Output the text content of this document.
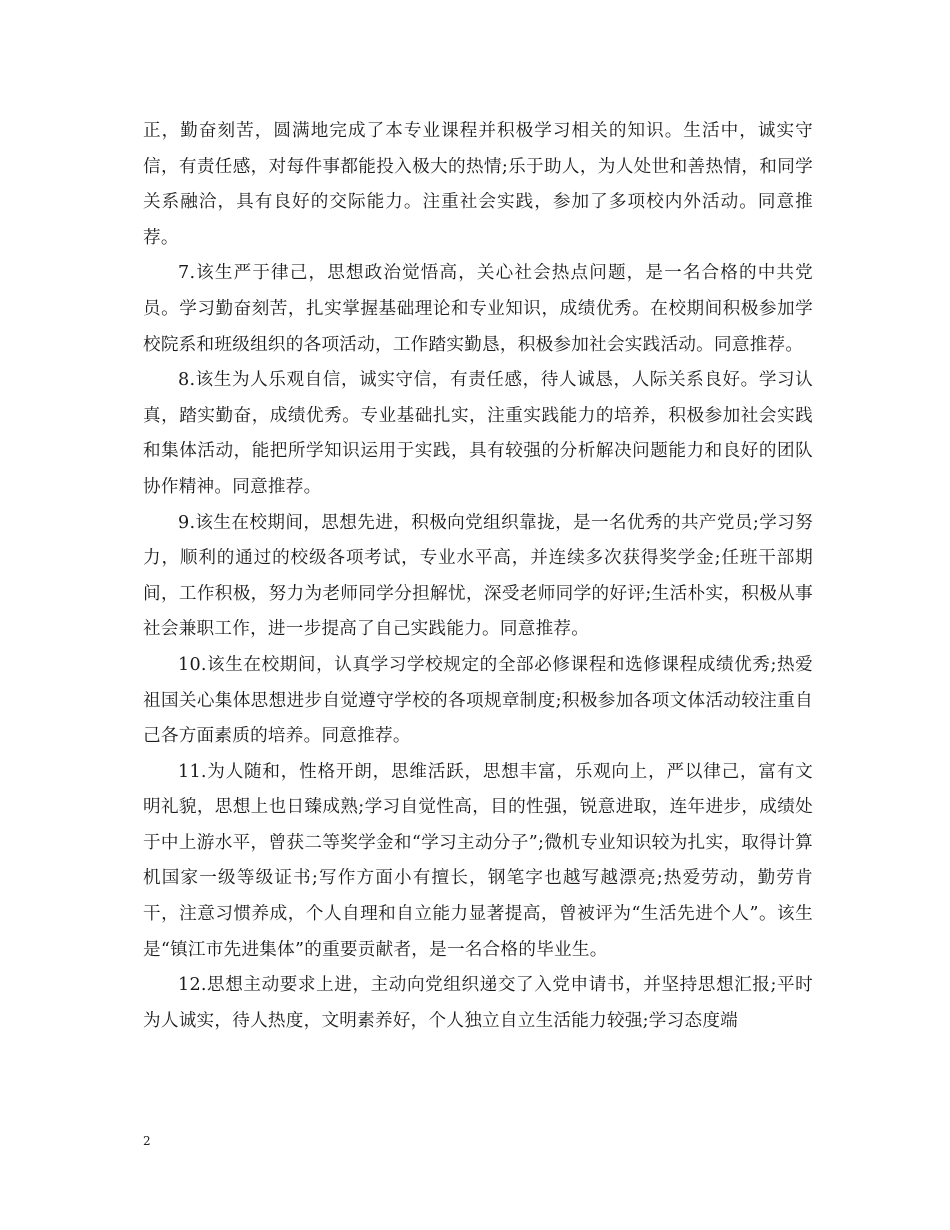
正，勤奋刻苦，圆满地完成了本专业课程并积极学习相关的知识。生活中，诚实守信，有责任感，对每件事都能投入极大的热情;乐于助人，为人处世和善热情，和同学关系融洽，具有良好的交际能力。注重社会实践，参加了多项校内外活动。同意推荐。

7.该生严于律己，思想政治觉悟高，关心社会热点问题，是一名合格的中共党员。学习勤奋刻苦，扎实掌握基础理论和专业知识，成绩优秀。在校期间积极参加学校院系和班级组织的各项活动，工作踏实勤恳，积极参加社会实践活动。同意推荐。

8.该生为人乐观自信，诚实守信，有责任感，待人诚恳，人际关系良好。学习认真，踏实勤奋，成绩优秀。专业基础扎实，注重实践能力的培养，积极参加社会实践和集体活动，能把所学知识运用于实践，具有较强的分析解决问题能力和良好的团队协作精神。同意推荐。

9.该生在校期间，思想先进，积极向党组织靠拢，是一名优秀的共产党员;学习努力，顺利的通过的校级各项考试，专业水平高，并连续多次获得奖学金;任班干部期间，工作积极，努力为老师同学分担解忧，深受老师同学的好评;生活朴实，积极从事社会兼职工作，进一步提高了自己实践能力。同意推荐。

10.该生在校期间，认真学习学校规定的全部必修课程和选修课程成绩优秀;热爱祖国关心集体思想进步自觉遵守学校的各项规章制度;积极参加各项文体活动较注重自己各方面素质的培养。同意推荐。

11.为人随和，性格开朗，思维活跃，思想丰富，乐观向上，严以律己，富有文明礼貌，思想上也日臻成熟;学习自觉性高，目的性强，锐意进取，连年进步，成绩处于中上游水平，曾获二等奖学金和“学习主动分子”;微机专业知识较为扎实，取得计算机国家一级等级证书;写作方面小有擅长，钢笔字也越写越漂亮;热爱劳动，勤劳肯干，注意习惯养成，个人自理和自立能力显著提高，曾被评为“生活先进个人”。该生是“镇江市先进集体”的重要贡献者，是一名合格的毕业生。

12.思想主动要求上进，主动向党组织递交了入党申请书，并坚持思想汇报;平时为人诚实，待人热度，文明素养好，个人独立自立生活能力较强;学习态度端

2
